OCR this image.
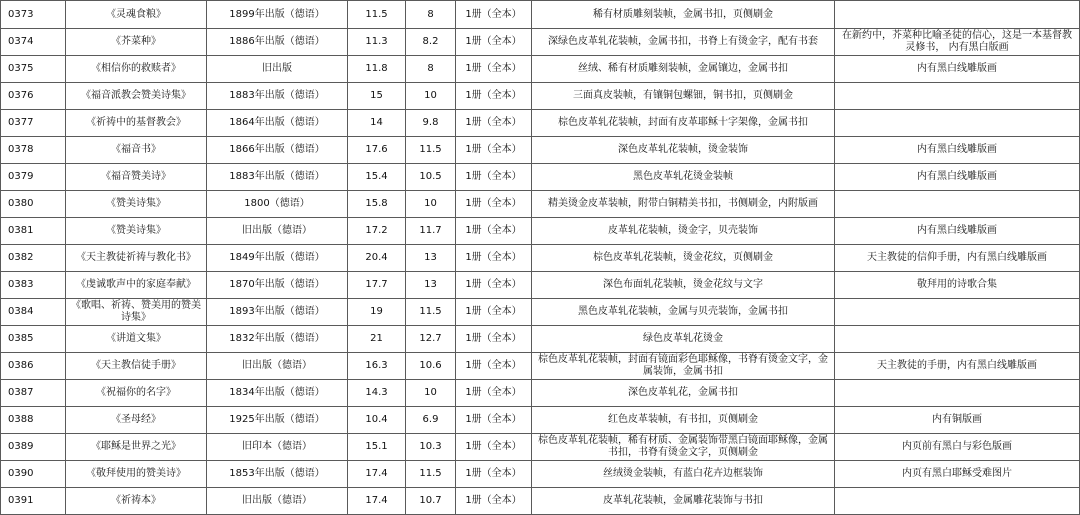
0373	《灵魂食粮》	1899年出版（德语）	11.5	8	1册（全本）	稀有材质雕刻装帧，金属书扣，页侧刷金	
0374	《芥菜种》	1886年出版（德语）	11.3	8.2	1册（全本）	深绿色皮革轧花装帧，金属书扣，书脊上有烫金字，配有书套	在新约中，芥菜种比喻圣徒的信心，这是一本基督教灵修书， 内有黑白版画
0375	《相信你的救赎者》	旧出版	11.8	8	1册（全本）	丝绒、稀有材质雕刻装帧，金属镶边，金属书扣	内有黑白线雕版画
0376	《福音派教会赞美诗集》	1883年出版（德语）	15	10	1册（全本）	三面真皮装帧，有镶铜包螺钿，铜书扣，页侧刷金	
0377	《祈祷中的基督教会》	1864年出版（德语）	14	9.8	1册（全本）	棕色皮革轧花装帧，封面有皮革耶稣十字架像，金属书扣	
0378	《福音书》	1866年出版（德语）	17.6	11.5	1册（全本）	深色皮革轧花装帧，烫金装饰	内有黑白线雕版画
0379	《福音赞美诗》	1883年出版（德语）	15.4	10.5	1册（全本）	黑色皮革轧花烫金装帧	内有黑白线雕版画
0380	《赞美诗集》	1800（德语）	15.8	10	1册（全本）	精美烫金皮革装帧，附带白铜精美书扣，书侧刷金，内附版画	
0381	《赞美诗集》	旧出版（德语）	17.2	11.7	1册（全本）	皮革轧花装帧，烫金字，贝壳装饰	内有黑白线雕版画
0382	《天主教徒祈祷与教化书》	1849年出版（德语）	20.4	13	1册（全本）	棕色皮革轧花装帧，烫金花纹，页侧刷金	天主教徒的信仰手册，内有黑白线雕版画
0383	《虔诚歌声中的家庭奉献》	1870年出版（德语）	17.7	13	1册（全本）	深色布面轧花装帧，烫金花纹与文字	敬拜用的诗歌合集
0384	《歌唱、祈祷、赞美用的赞美诗集》	1893年出版（德语）	19	11.5	1册（全本）	黑色皮革轧花装帧，金属与贝壳装饰，金属书扣	
0385	《讲道文集》	1832年出版（德语）	21	12.7	1册（全本）	绿色皮革轧花烫金	
0386	《天主教信徒手册》	旧出版（德语）	16.3	10.6	1册（全本）	棕色皮革轧花装帧，封面有镜面彩色耶稣像，书脊有烫金文字，金属装饰，金属书扣	天主教徒的手册，内有黑白线雕版画
0387	《祝福你的名字》	1834年出版（德语）	14.3	10	1册（全本）	深色皮革轧花，金属书扣	
0388	《圣母经》	1925年出版（德语）	10.4	6.9	1册（全本）	红色皮革装帧，有书扣，页侧刷金	内有铜版画
0389	《耶稣是世界之光》	旧印本（德语）	15.1	10.3	1册（全本）	棕色皮革轧花装帧，稀有材质、金属装饰带黑白镜面耶稣像，金属书扣，书脊有烫金文字，页侧刷金	内页前有黑白与彩色版画
0390	《敬拜使用的赞美诗》	1853年出版（德语）	17.4	11.5	1册（全本）	丝绒烫金装帧，有蓝白花卉边框装饰	内页有黑白耶稣受难图片
0391	《祈祷本》	旧出版（德语）	17.4	10.7	1册（全本）	皮革轧花装帧，金属雕花装饰与书扣	
